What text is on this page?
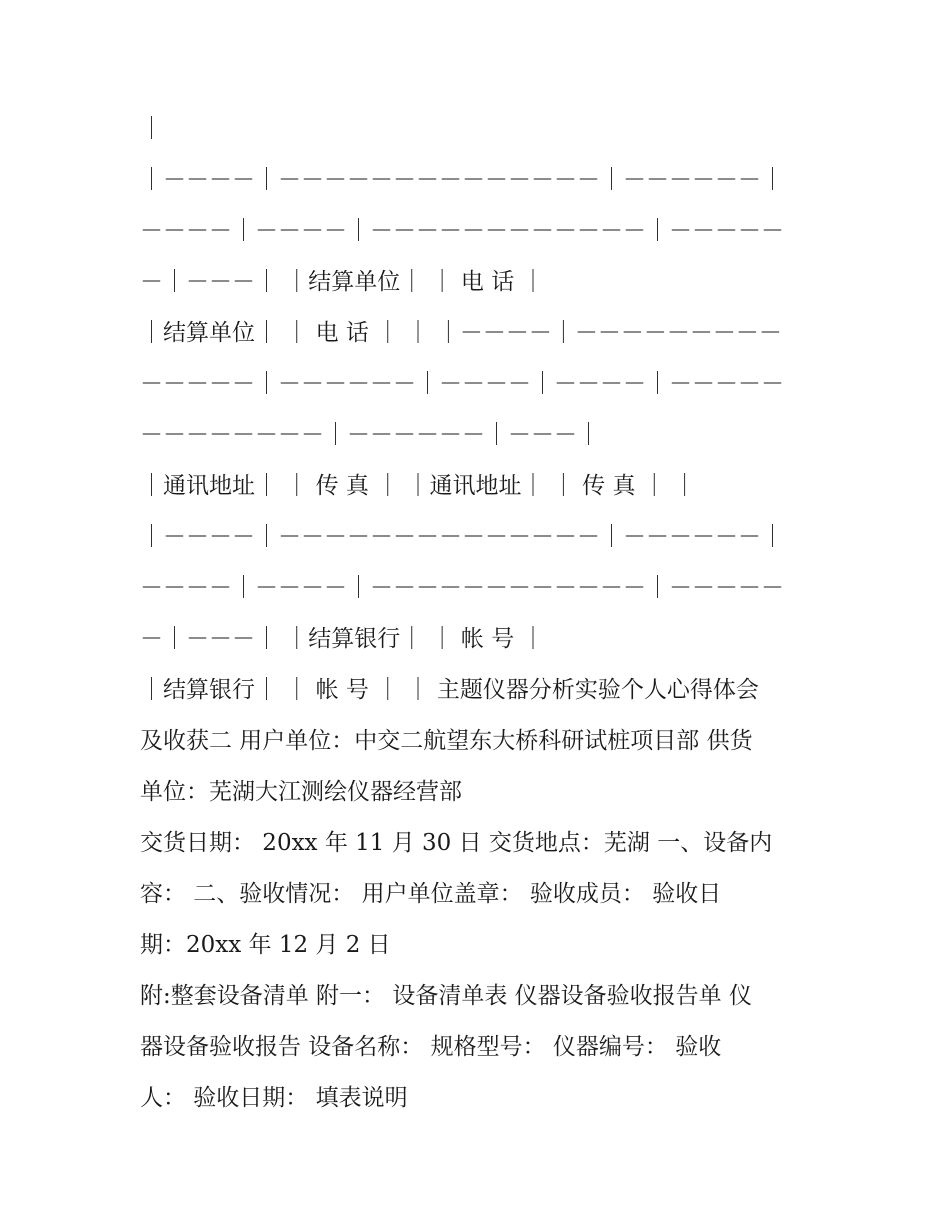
｜
｜－－－－｜－－－－－－－－－－－－－－｜－－－－－－｜
－－－－｜－－－－｜－－－－－－－－－－－－｜－－－－－
－｜－－－｜ ｜结算单位｜ ｜ 电 话 ｜
｜结算单位｜ ｜ 电 话 ｜ ｜ ｜－－－－｜－－－－－－－－－
－－－－－｜－－－－－－｜－－－－｜－－－－｜－－－－－
－－－－－－－－｜－－－－－－｜－－－｜
｜通讯地址｜ ｜ 传 真 ｜ ｜通讯地址｜ ｜ 传 真 ｜ ｜
｜－－－－｜－－－－－－－－－－－－－－｜－－－－－－｜
－－－－｜－－－－｜－－－－－－－－－－－－｜－－－－－
－｜－－－｜ ｜结算银行｜ ｜ 帐 号 ｜
｜结算银行｜ ｜ 帐 号 ｜ ｜ 主题仪器分析实验个人心得体会
及收获二 用户单位：中交二航望东大桥科研试桩项目部 供货
单位：芜湖大江测绘仪器经营部
交货日期： 20xx 年 11 月 30 日 交货地点：芜湖 一、设备内
容： 二、验收情况： 用户单位盖章： 验收成员： 验收日
期：20xx 年 12 月 2 日
附:整套设备清单 附一： 设备清单表 仪器设备验收报告单 仪
器设备验收报告 设备名称： 规格型号： 仪器编号： 验收
人： 验收日期： 填表说明
